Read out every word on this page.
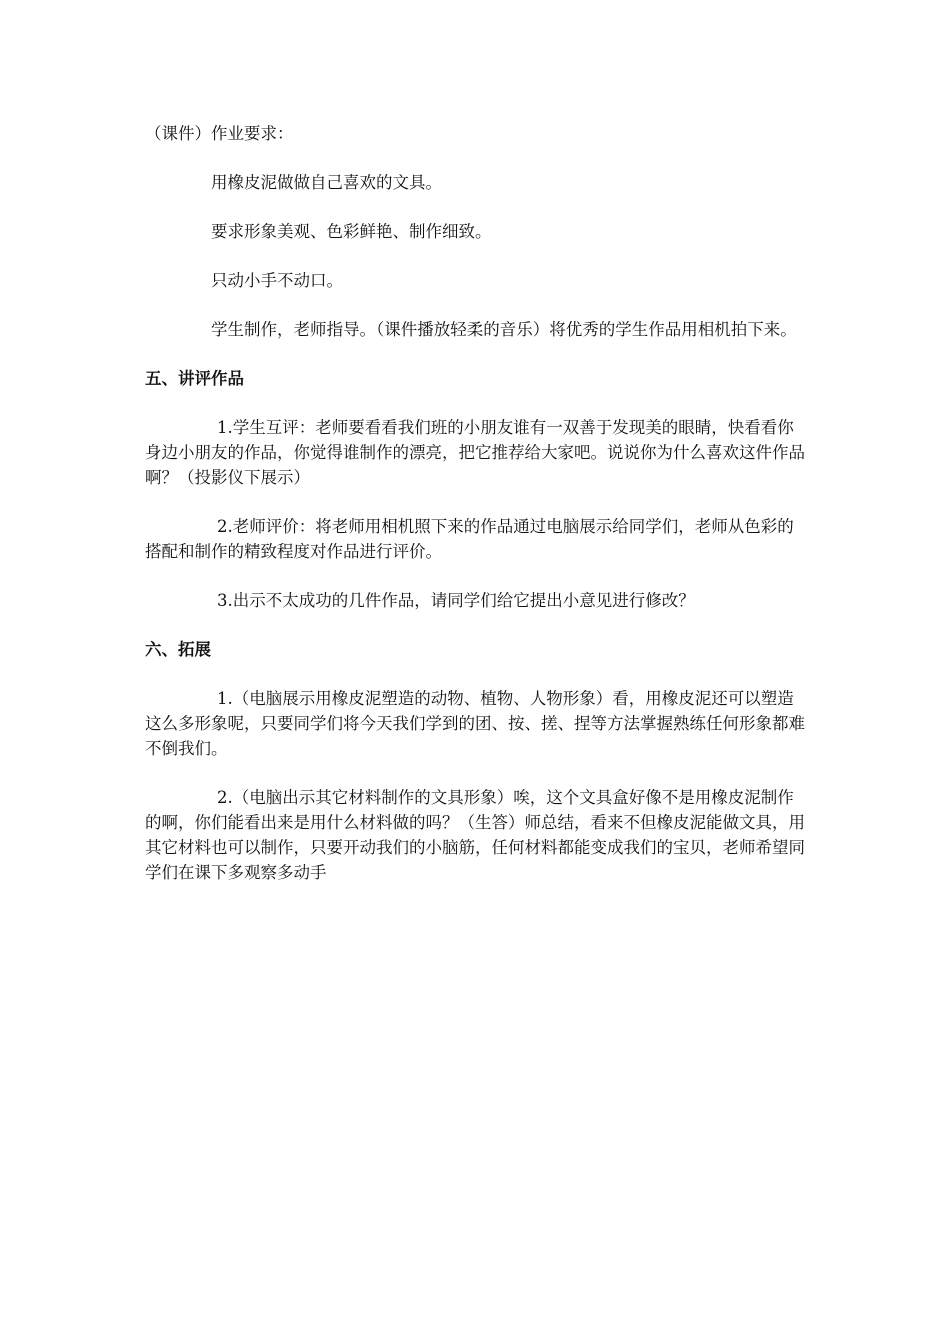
（课件）作业要求：

用橡皮泥做做自己喜欢的文具。

要求形象美观、色彩鲜艳、制作细致。

只动小手不动口。

学生制作，老师指导。（课件播放轻柔的音乐）将优秀的学生作品用相机拍下来。

五、讲评作品

1.学生互评：老师要看看我们班的小朋友谁有一双善于发现美的眼睛，快看看你身边小朋友的作品，你觉得谁制作的漂亮，把它推荐给大家吧。说说你为什么喜欢这件作品啊？（投影仪下展示）

2.老师评价：将老师用相机照下来的作品通过电脑展示给同学们，老师从色彩的搭配和制作的精致程度对作品进行评价。

3.出示不太成功的几件作品，请同学们给它提出小意见进行修改？

六、拓展

1.（电脑展示用橡皮泥塑造的动物、植物、人物形象）看，用橡皮泥还可以塑造这么多形象呢，只要同学们将今天我们学到的团、按、搓、捏等方法掌握熟练任何形象都难不倒我们。

2.（电脑出示其它材料制作的文具形象）唉，这个文具盒好像不是用橡皮泥制作的啊，你们能看出来是用什么材料做的吗？（生答）师总结，看来不但橡皮泥能做文具，用其它材料也可以制作，只要开动我们的小脑筋，任何材料都能变成我们的宝贝，老师希望同学们在课下多观察多动手
